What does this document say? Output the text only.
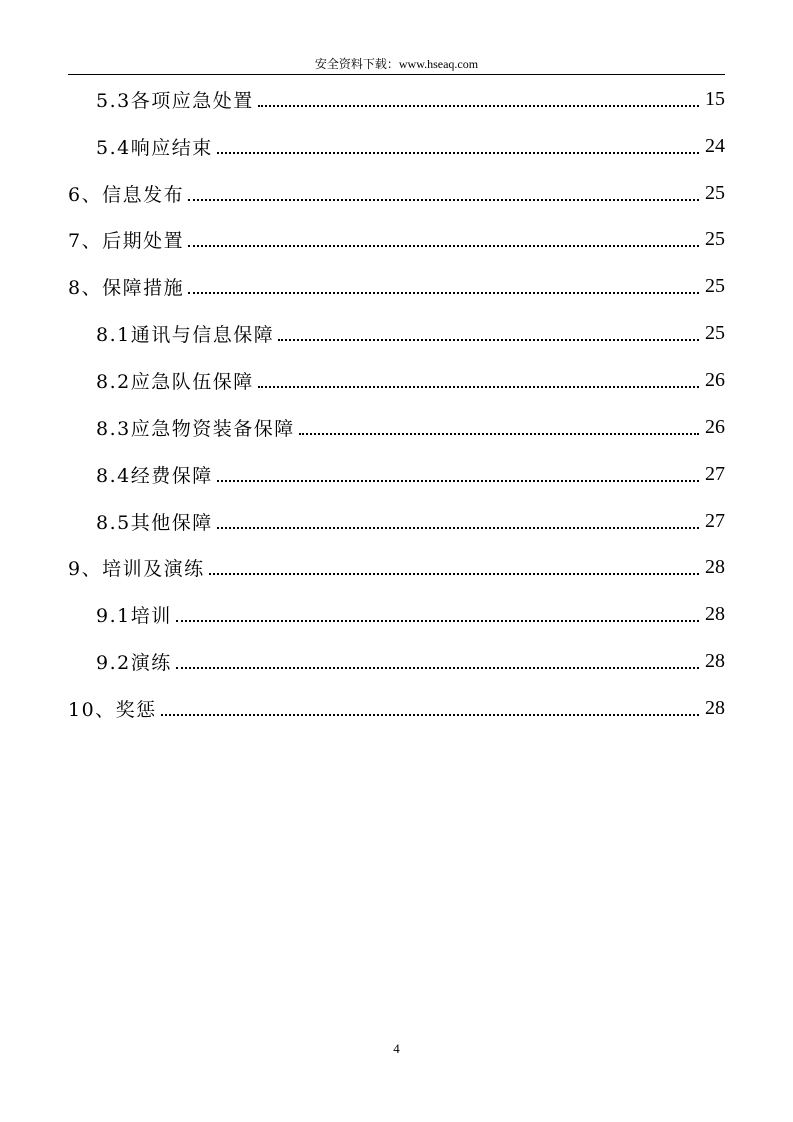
安全资料下载：www.hseaq.com
5.3各项应急处置	15
5.4响应结束	24
6、信息发布	25
7、后期处置	25
8、保障措施	25
8.1通讯与信息保障	25
8.2应急队伍保障	26
8.3应急物资装备保障	26
8.4经费保障	27
8.5其他保障	27
9、培训及演练	28
9.1培训	28
9.2演练	28
10、奖惩	28
4
